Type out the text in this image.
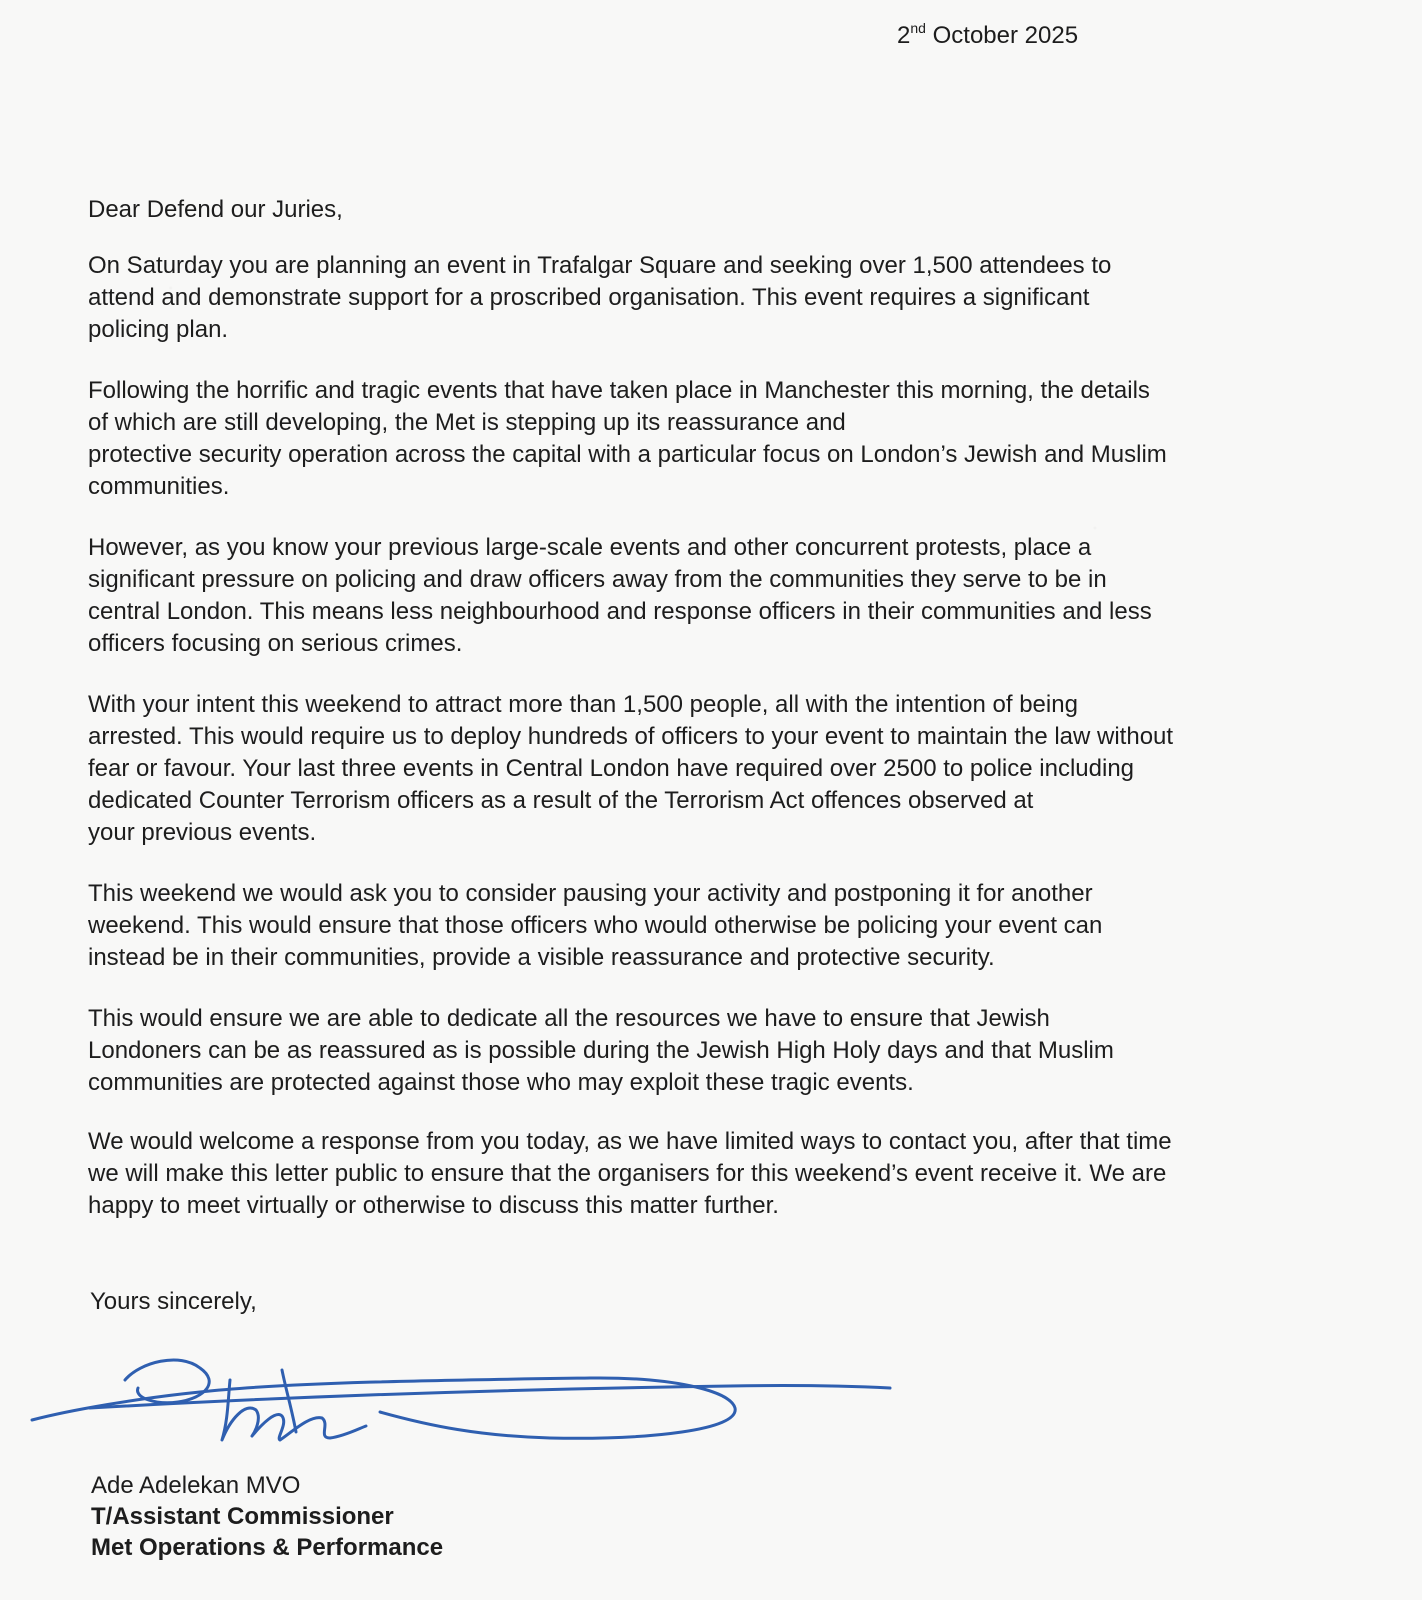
2nd October 2025
Dear Defend our Juries,
On Saturday you are planning an event in Trafalgar Square and seeking over 1,500 attendees to
attend and demonstrate support for a proscribed organisation. This event requires a significant
policing plan.
Following the horrific and tragic events that have taken place in Manchester this morning, the details
of which are still developing, the Met is stepping up its reassurance and
protective security operation across the capital with a particular focus on London’s Jewish and Muslim
communities.
However, as you know your previous large-scale events and other concurrent protests, place a
significant pressure on policing and draw officers away from the communities they serve to be in
central London. This means less neighbourhood and response officers in their communities and less
officers focusing on serious crimes.
With your intent this weekend to attract more than 1,500 people, all with the intention of being
arrested. This would require us to deploy hundreds of officers to your event to maintain the law without
fear or favour. Your last three events in Central London have required over 2500 to police including
dedicated Counter Terrorism officers as a result of the Terrorism Act offences observed at
your previous events.
This weekend we would ask you to consider pausing your activity and postponing it for another
weekend. This would ensure that those officers who would otherwise be policing your event can
instead be in their communities, provide a visible reassurance and protective security.
This would ensure we are able to dedicate all the resources we have to ensure that Jewish
Londoners can be as reassured as is possible during the Jewish High Holy days and that Muslim
communities are protected against those who may exploit these tragic events.
We would welcome a response from you today, as we have limited ways to contact you, after that time
we will make this letter public to ensure that the organisers for this weekend’s event receive it. We are
happy to meet virtually or otherwise to discuss this matter further.
Yours sincerely,
Ade Adelekan MVO
T/Assistant Commissioner
Met Operations & Performance
